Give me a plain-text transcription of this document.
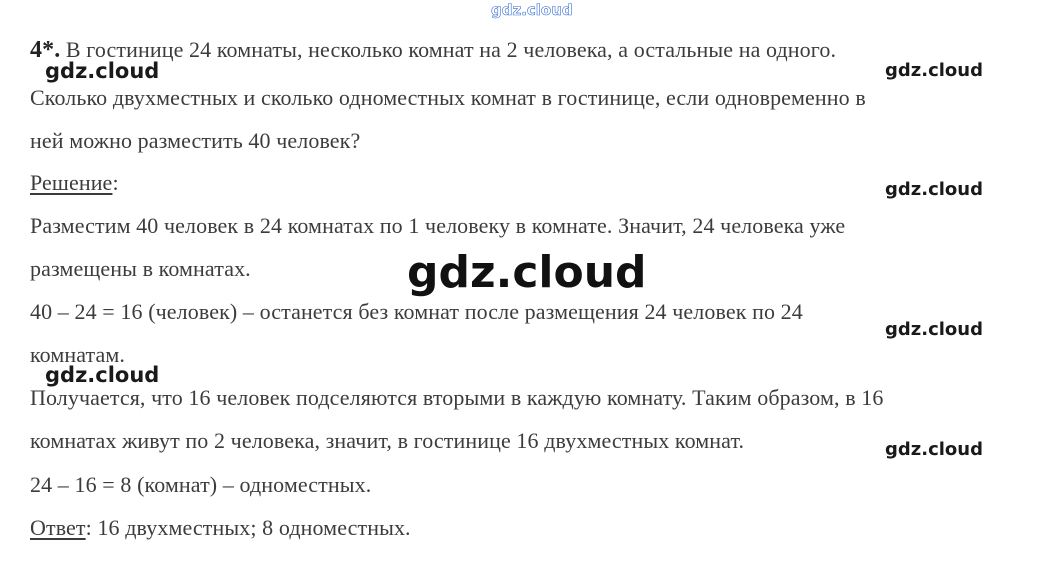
gdz.cloud
4*. В гостинице 24 комнаты, несколько комнат на 2 человека, а остальные на одного.
Сколько двухместных и сколько одноместных комнат в гостинице, если одновременно в
ней можно разместить 40 человек?
Решение:
Разместим 40 человек в 24 комнатах по 1 человеку в комнате. Значит, 24 человека уже
размещены в комнатах.
40 – 24 = 16 (человек) – останется без комнат после размещения 24 человек по 24
комнатам.
Получается, что 16 человек подселяются вторыми в каждую комнату. Таким образом, в 16
комнатах живут по 2 человека, значит, в гостинице 16 двухместных комнат.
24 – 16 = 8 (комнат) – одноместных.
Ответ: 16 двухместных; 8 одноместных.
gdz.cloud	gdz.cloud
gdz.cloud
gdz.cloud
gdz.cloud
gdz.cloud
gdz.cloud
